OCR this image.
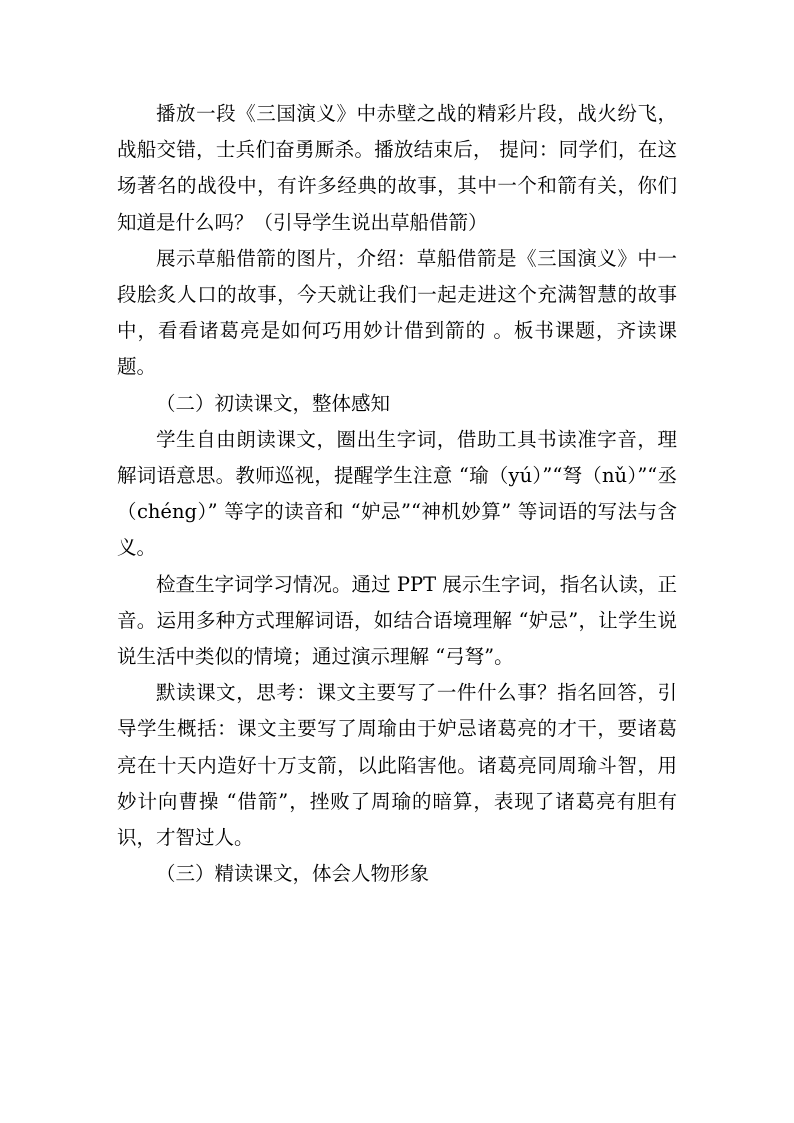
播放一段《三国演义》中赤壁之战的精彩片段，战火纷飞，战船交错，士兵们奋勇厮杀。播放结束后， 提问：同学们，在这场著名的战役中，有许多经典的故事，其中一个和箭有关，你们知道是什么吗？（引导学生说出草船借箭）

展示草船借箭的图片，介绍：草船借箭是《三国演义》中一段脍炙人口的故事，今天就让我们一起走进这个充满智慧的故事中，看看诸葛亮是如何巧用妙计借到箭的 。板书课题，齐读课题。

（二）初读课文，整体感知

学生自由朗读课文，圈出生字词，借助工具书读准字音，理解词语意思。教师巡视，提醒学生注意 “瑜（yú）”“弩（nǔ）”“丞（chéng）” 等字的读音和 “妒忌”“神机妙算” 等词语的写法与含义。

检查生字词学习情况。通过 PPT 展示生字词，指名认读，正音。运用多种方式理解词语，如结合语境理解 “妒忌”，让学生说说生活中类似的情境；通过演示理解 “弓弩”。

默读课文，思考：课文主要写了一件什么事？指名回答，引导学生概括：课文主要写了周瑜由于妒忌诸葛亮的才干，要诸葛亮在十天内造好十万支箭，以此陷害他。诸葛亮同周瑜斗智，用妙计向曹操 “借箭”，挫败了周瑜的暗算，表现了诸葛亮有胆有识，才智过人。

（三）精读课文，体会人物形象
